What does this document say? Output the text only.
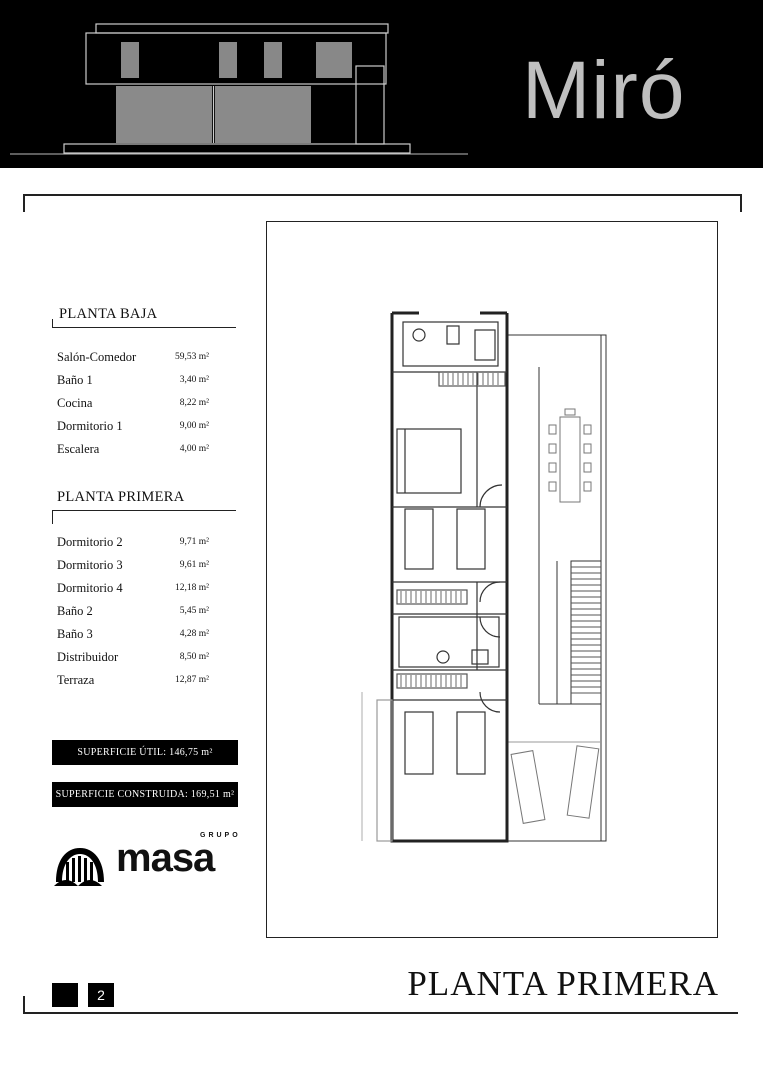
Miró
PLANTA BAJA
Salón-Comedor	59,53 m²
Baño 1	3,40 m²
Cocina	8,22 m²
Dormitorio 1	9,00 m²
Escalera	4,00 m²
PLANTA PRIMERA
Dormitorio 2	9,71 m²
Dormitorio 3	9,61 m²
Dormitorio 4	12,18 m²
Baño 2	5,45 m²
Baño 3	4,28 m²
Distribuidor	8,50 m²
Terraza	12,87 m²
SUPERFICIE ÚTIL: 146,75 m²
SUPERFICIE CONSTRUIDA: 169,51 m²
GRUPO
masa
PLANTA PRIMERA
2
